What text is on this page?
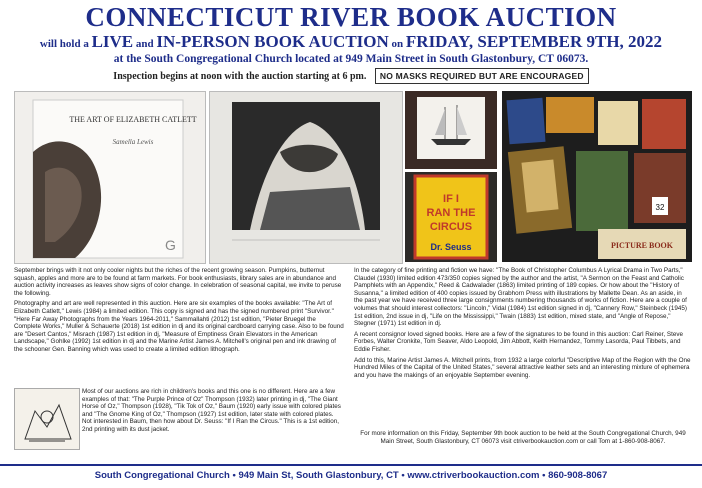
CONNECTICUT RIVER BOOK AUCTION
will hold a LIVE and IN-PERSON BOOK AUCTION on FRIDAY, SEPTEMBER 9TH, 2022
at the South Congregational Church located at 949 Main Street in South Glastonbury, CT 06073.
Inspection begins at noon with the auction starting at 6 pm. NO MASKS REQUIRED BUT ARE ENCOURAGED
THE ART OF ELIZABETH CATLETT
Samella Lewis
G
IF I
RAN THE
CIRCUS
Dr. Seuss
32
PICTURE BOOK

September brings with it not only cooler nights but the riches of the recent growing season. Pumpkins, butternut squash, apples and more are to be found at farm markets. For book enthusiasts, library sales are in abundance and auction activity increases as leaves show signs of color change. In celebration of seasonal capital, we invite to peruse the following.

Photography and art are well represented in this auction. Here are six examples of the books available: "The Art of Elizabeth Catlett," Lewis (1984) a limited edition. This copy is signed and has the signed numbered print "Survivor." "Here Far Away Photographs from the Years 1964-2011," Sammallahti (2012) 1st edition, "Pieter Bruegel the Complete Works," Muller & Schauerte (2018) 1st edition in dj and its original cardboard carrying case. Also to be found are "Desert Cantos," Misrach (1987) 1st edition in dj, "Measure of Emptiness Grain Elevators in the American Landscape," Gohlke (1992) 1st edition in dj and the Marine Artist James A. Mitchell's original pen and ink drawing of the schooner Gen. Banning which was used to create a limited edition lithograph.

Most of our auctions are rich in children's books and this one is no different. Here are a few examples of that: "The Purple Prince of Oz" Thompson (1932) later printing in dj, "The Giant Horse of Oz," Thompson (1928), "Tik Tok of Oz," Baum (1920) early issue with colored plates and "The Gnome King of Oz," Thompson (1927) 1st edition, later state with colored plates. Not interested in Baum, then how about Dr. Seuss: "If I Ran the Circus." This is a 1st edition, 2nd printing with its dust jacket.

In the category of fine printing and fiction we have: "The Book of Christopher Columbus A Lyrical Drama in Two Parts," Claudel (1930) limited edition 473/350 copies signed by the author and the artist, "A Sermon on the Feast and Catholic Pamphlets with an Appendix," Reed & Cadwalader (1863) limited printing of 189 copies. Or how about the "History of Susanna," a limited edition of 400 copies issued by Grabhorn Press with illustrations by Mallette Dean. As an aside, in the past year we have received three large consignments numbering thousands of works of fiction. Here are a couple of volumes that should interest collectors: "Lincoln," Vidal (1984) 1st edition signed in dj, "Cannery Row," Steinbeck (1945) 1st edition, 2nd issue in dj, "Life on the Mississippi," Twain (1883) 1st edition, mixed state, and "Angle of Repose," Stegner (1971) 1st edition in dj.

A recent consignor loved signed books. Here are a few of the signatures to be found in this auction: Carl Reiner, Steve Forbes, Walter Cronkite, Tom Seaver, Aldo Leopold, Jim Abbott, Keith Hernandez, Tommy Lasorda, Paul Tibbets, and Eddie Fisher.

Add to this, Marine Artist James A. Mitchell prints, from 1932 a large colorful "Descriptive Map of the Region with the One Hundred Miles of the Capital of the United States," several attractive leather sets and an interesting mixture of ephemera and you have the makings of an enjoyable September evening.

For more information on this Friday, September 9th book auction to be held at the South Congregational Church, 949 Main Street, South Glastonbury, CT 06073 visit ctriverbookauction.com or call Tom at 1-860-908-8067.

South Congregational Church • 949 Main St, South Glastonbury, CT • www.ctriverbookauction.com • 860-908-8067
